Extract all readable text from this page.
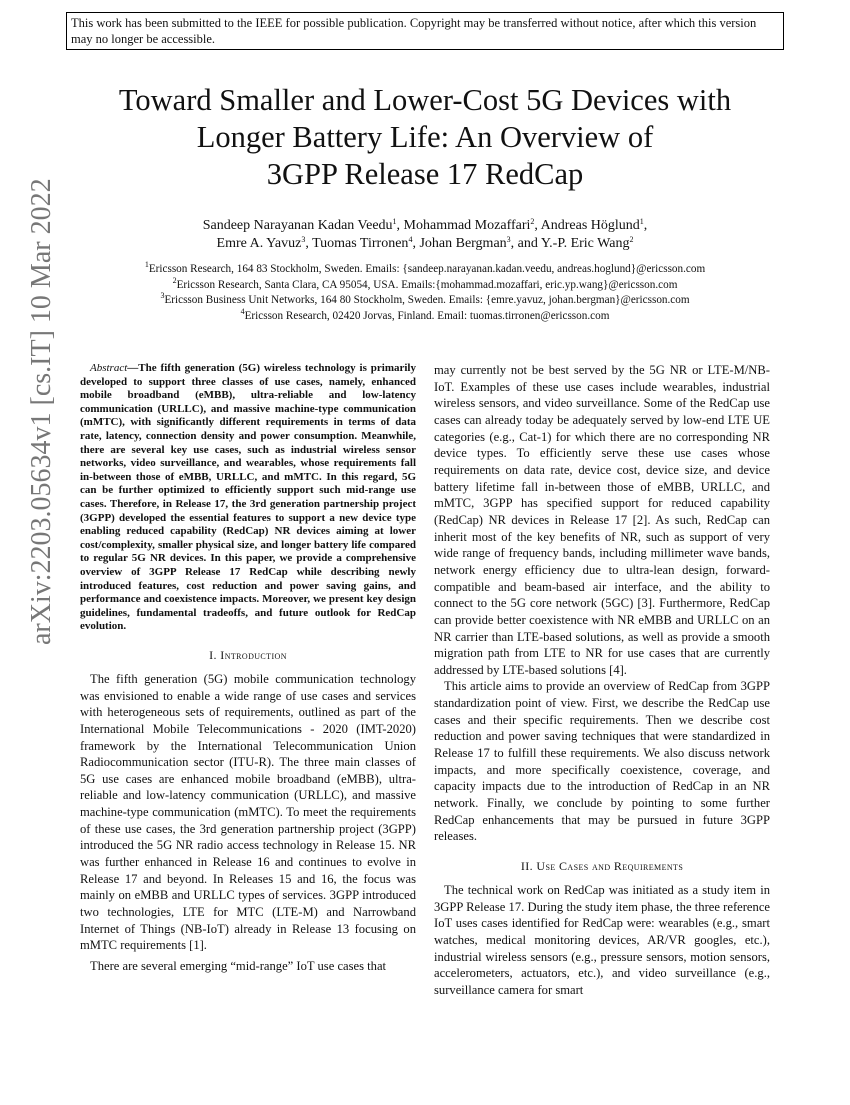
arXiv:2203.05634v1 [cs.IT] 10 Mar 2022
This work has been submitted to the IEEE for possible publication. Copyright may be transferred without notice, after which this version may no longer be accessible.
Toward Smaller and Lower-Cost 5G Devices with
Longer Battery Life: An Overview of
3GPP Release 17 RedCap
Sandeep Narayanan Kadan Veedu$^1$, Mohammad Mozaffari$^2$, Andreas Höglund$^1$,
Emre A. Yavuz$^3$, Tuomas Tirronen$^4$, Johan Bergman$^3$, and Y.-P. Eric Wang$^2$
$^1$Ericsson Research, 164 83 Stockholm, Sweden. Emails: {sandeep.narayanan.kadan.veedu, andreas.hoglund}@ericsson.com
$^2$Ericsson Research, Santa Clara, CA 95054, USA. Emails:{mohammad.mozaffari, eric.yp.wang}@ericsson.com
$^3$Ericsson Business Unit Networks, 164 80 Stockholm, Sweden. Emails: {emre.yavuz, johan.bergman}@ericsson.com
$^4$Ericsson Research, 02420 Jorvas, Finland. Email: tuomas.tirronen@ericsson.com

Abstract—The fifth generation (5G) wireless technology is primarily developed to support three classes of use cases, namely, enhanced mobile broadband (eMBB), ultra-reliable and low-latency communication (URLLC), and massive machine-type communication (mMTC), with significantly different requirements in terms of data rate, latency, connection density and power consumption. Meanwhile, there are several key use cases, such as industrial wireless sensor networks, video surveillance, and wearables, whose requirements fall in-between those of eMBB, URLLC, and mMTC. In this regard, 5G can be further optimized to efficiently support such mid-range use cases. Therefore, in Release 17, the 3rd generation partnership project (3GPP) developed the essential features to support a new device type enabling reduced capability (RedCap) NR devices aiming at lower cost/complexity, smaller physical size, and longer battery life compared to regular 5G NR devices. In this paper, we provide a comprehensive overview of 3GPP Release 17 RedCap while describing newly introduced features, cost reduction and power saving gains, and performance and coexistence impacts. Moreover, we present key design guidelines, fundamental tradeoffs, and future outlook for RedCap evolution.

I. Introduction

The fifth generation (5G) mobile communication technology was envisioned to enable a wide range of use cases and services with heterogeneous sets of requirements, outlined as part of the International Mobile Telecommunications - 2020 (IMT-2020) framework by the International Telecommunication Union Radiocommunication sector (ITU-R). The three main classes of 5G use cases are enhanced mobile broadband (eMBB), ultra-reliable and low-latency communication (URLLC), and massive machine-type communication (mMTC). To meet the requirements of these use cases, the 3rd generation partnership project (3GPP) introduced the 5G NR radio access technology in Release 15. NR was further enhanced in Release 16 and continues to evolve in Release 17 and beyond. In Releases 15 and 16, the focus was mainly on eMBB and URLLC types of services. 3GPP introduced two technologies, LTE for MTC (LTE-M) and Narrowband Internet of Things (NB-IoT) already in Release 13 focusing on mMTC requirements [1].

There are several emerging “mid-range” IoT use cases that

may currently not be best served by the 5G NR or LTE-M/NB-IoT. Examples of these use cases include wearables, industrial wireless sensors, and video surveillance. Some of the RedCap use cases can already today be adequately served by low-end LTE UE categories (e.g., Cat-1) for which there are no corresponding NR device types. To efficiently serve these use cases whose requirements on data rate, device cost, device size, and device battery lifetime fall in-between those of eMBB, URLLC, and mMTC, 3GPP has specified support for reduced capability (RedCap) NR devices in Release 17 [2]. As such, RedCap can inherit most of the key benefits of NR, such as support of very wide range of frequency bands, including millimeter wave bands, network energy efficiency due to ultra-lean design, forward-compatible and beam-based air interface, and the ability to connect to the 5G core network (5GC) [3]. Furthermore, RedCap can provide better coexistence with NR eMBB and URLLC on an NR carrier than LTE-based solutions, as well as provide a smooth migration path from LTE to NR for use cases that are currently addressed by LTE-based solutions [4].

This article aims to provide an overview of RedCap from 3GPP standardization point of view. First, we describe the RedCap use cases and their specific requirements. Then we describe cost reduction and power saving techniques that were standardized in Release 17 to fulfill these requirements. We also discuss network impacts, and more specifically coexistence, coverage, and capacity impacts due to the introduction of RedCap in an NR network. Finally, we conclude by pointing to some further RedCap enhancements that may be pursued in future 3GPP releases.

II. Use Cases and Requirements

The technical work on RedCap was initiated as a study item in 3GPP Release 17. During the study item phase, the three reference IoT uses cases identified for RedCap were: wearables (e.g., smart watches, medical monitoring devices, AR/VR googles, etc.), industrial wireless sensors (e.g., pressure sensors, motion sensors, accelerometers, actuators, etc.), and video surveillance (e.g., surveillance camera for smart
